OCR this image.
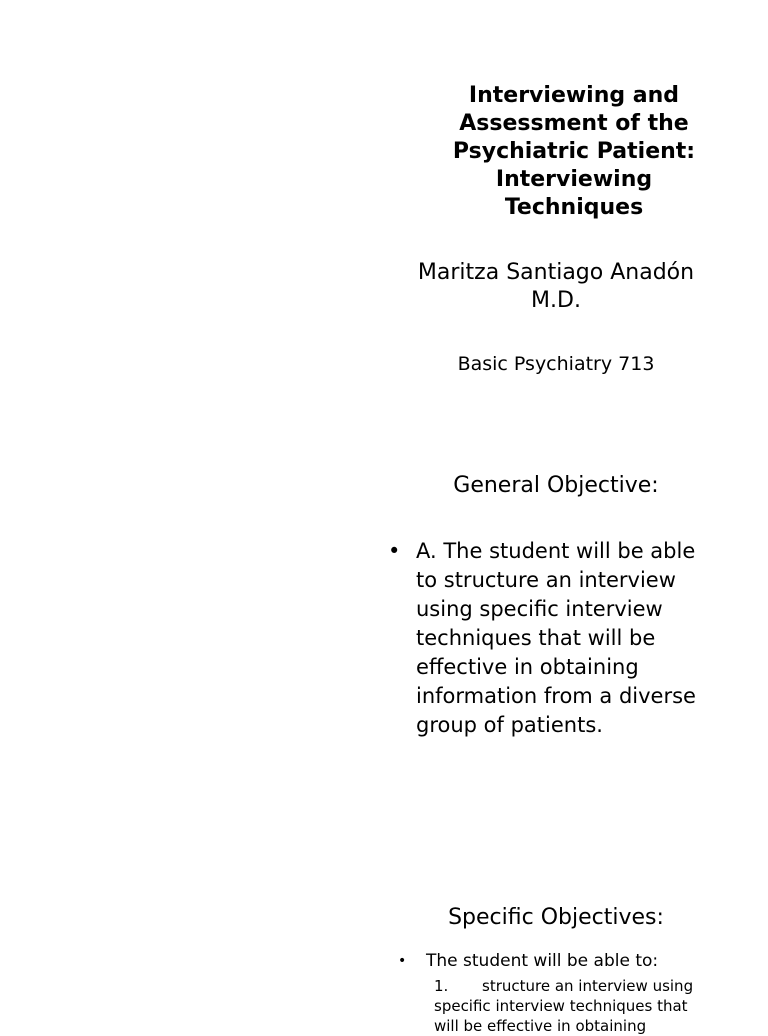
Interviewing and
Assessment of the
Psychiatric Patient:
Interviewing
Techniques
Maritza Santiago Anadón
M.D.
Basic Psychiatry 713
General Objective:
• A. The student will be able to structure an interview using specific interview techniques that will be effective in obtaining information from a diverse group of patients.
Specific Objectives:
•	The student will be able to:
1. structure an interview using specific interview techniques that will be effective in obtaining
